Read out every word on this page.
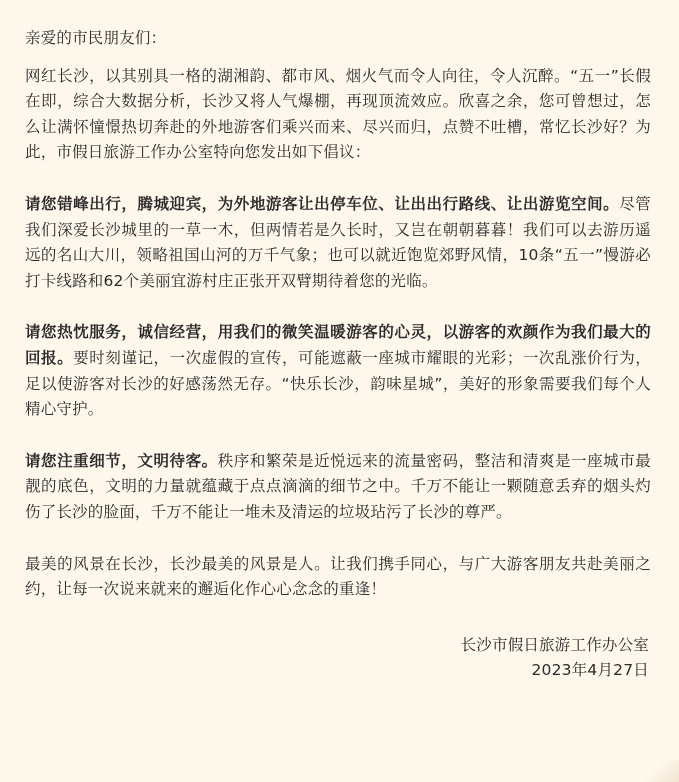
亲爱的市民朋友们：
网红长沙，以其别具一格的湖湘韵、都市风、烟火气而令人向往，令人沉醉。“五一”长假在即，综合大数据分析，长沙又将人气爆棚，再现顶流效应。欣喜之余，您可曾想过，怎么让满怀憧憬热切奔赴的外地游客们乘兴而来、尽兴而归，点赞不吐槽，常忆长沙好？为此，市假日旅游工作办公室特向您发出如下倡议：
请您错峰出行，腾城迎宾，为外地游客让出停车位、让出出行路线、让出游览空间。尽管我们深爱长沙城里的一草一木，但两情若是久长时，又岂在朝朝暮暮！我们可以去游历遥远的名山大川，领略祖国山河的万千气象；也可以就近饱览郊野风情，10条“五一”慢游必打卡线路和62个美丽宜游村庄正张开双臂期待着您的光临。
请您热忱服务，诚信经营，用我们的微笑温暖游客的心灵，以游客的欢颜作为我们最大的回报。要时刻谨记，一次虚假的宣传，可能遮蔽一座城市耀眼的光彩；一次乱涨价行为，足以使游客对长沙的好感荡然无存。“快乐长沙，韵味星城”，美好的形象需要我们每个人精心守护。
请您注重细节，文明待客。秩序和繁荣是近悦远来的流量密码，整洁和清爽是一座城市最靓的底色，文明的力量就蕴藏于点点滴滴的细节之中。千万不能让一颗随意丢弃的烟头灼伤了长沙的脸面，千万不能让一堆未及清运的垃圾玷污了长沙的尊严。
最美的风景在长沙，长沙最美的风景是人。让我们携手同心，与广大游客朋友共赴美丽之约，让每一次说来就来的邂逅化作心心念念的重逢！
长沙市假日旅游工作办公室
2023年4月27日
